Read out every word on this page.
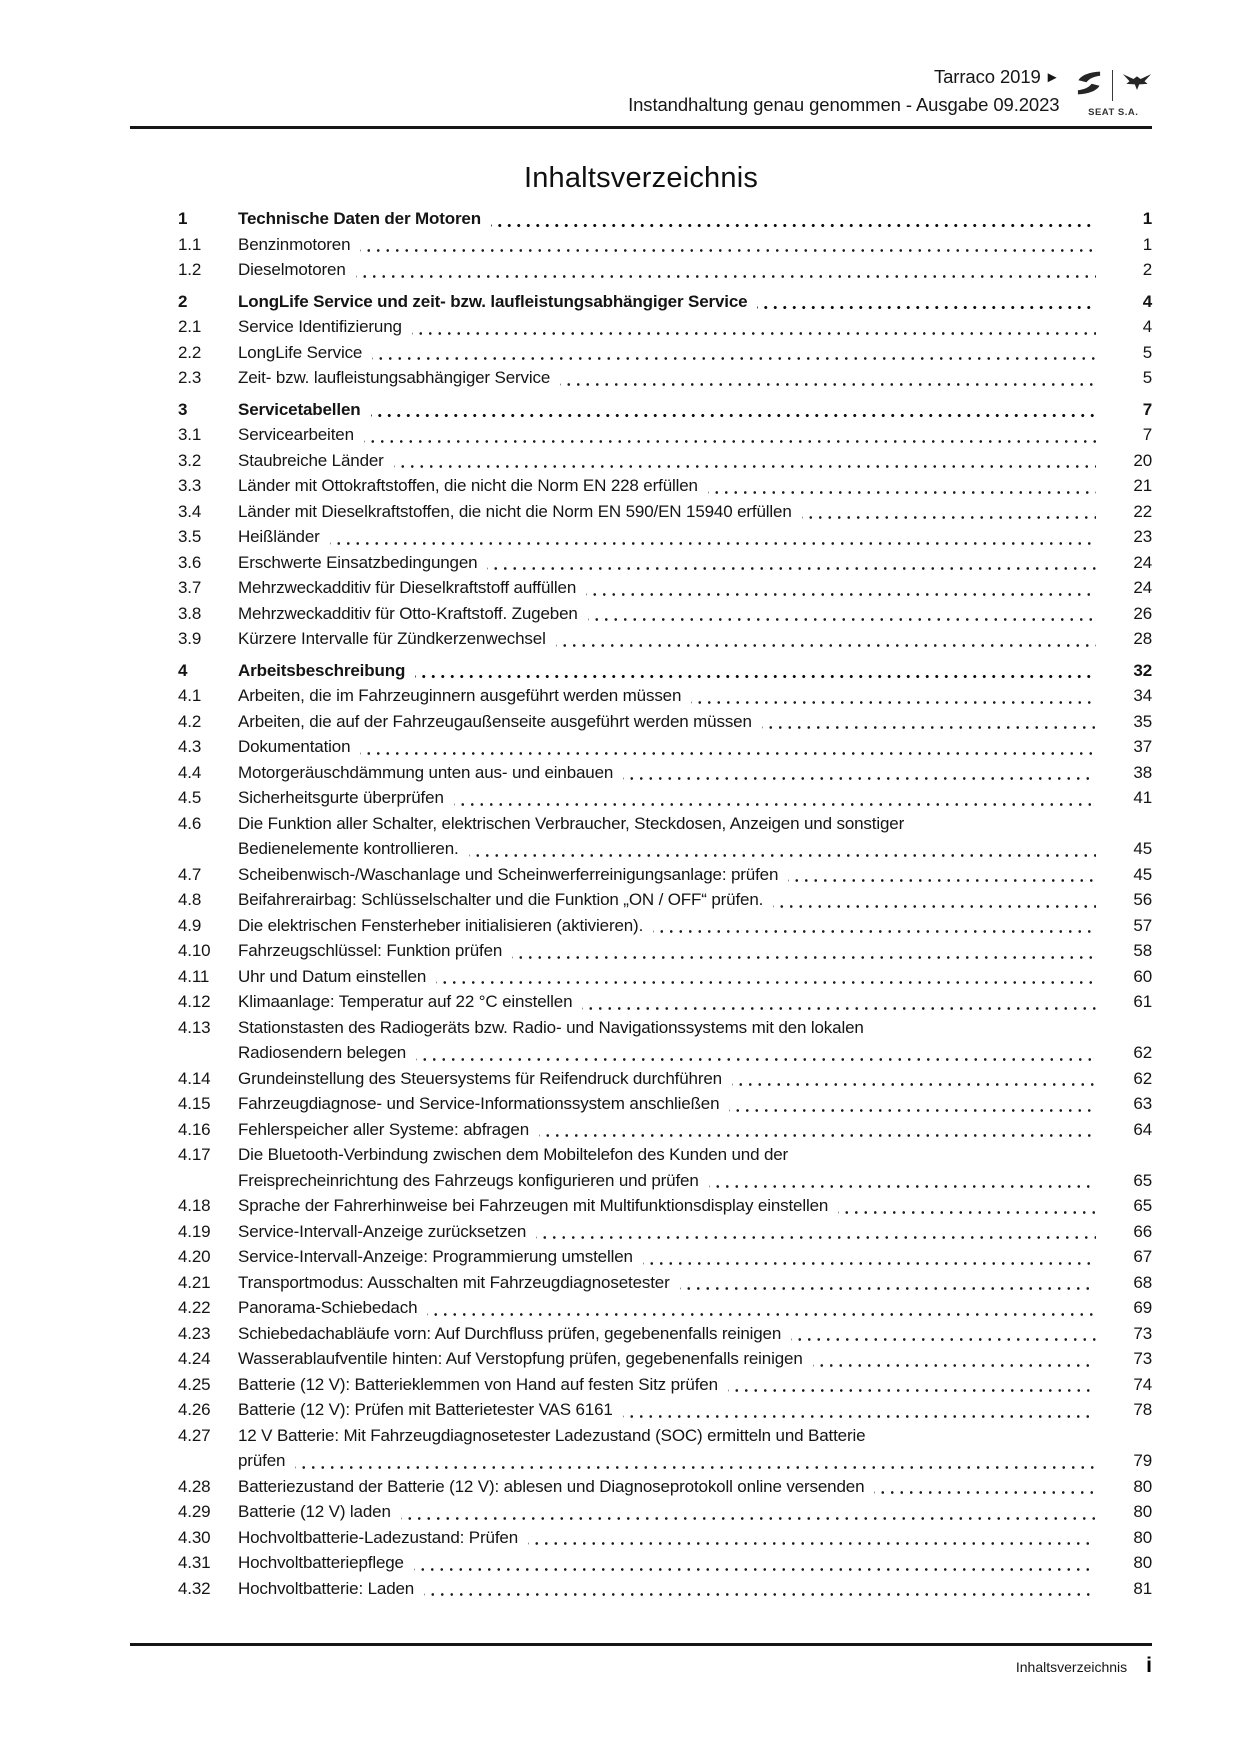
Tarraco 2019 ►
Instandhaltung genau genommen - Ausgabe 09.2023	SEAT S.A.
Inhaltsverzeichnis
1	Technische Daten der Motoren	1
1.1	Benzinmotoren	1
1.2	Dieselmotoren	2
2	LongLife Service und zeit- bzw. laufleistungsabhängiger Service	4
2.1	Service Identifizierung	4
2.2	LongLife Service	5
2.3	Zeit- bzw. laufleistungsabhängiger Service	5
3	Servicetabellen	7
3.1	Servicearbeiten	7
3.2	Staubreiche Länder	20
3.3	Länder mit Ottokraftstoffen, die nicht die Norm EN 228 erfüllen	21
3.4	Länder mit Dieselkraftstoffen, die nicht die Norm EN 590/EN 15940 erfüllen	22
3.5	Heißländer	23
3.6	Erschwerte Einsatzbedingungen	24
3.7	Mehrzweckadditiv für Dieselkraftstoff auffüllen	24
3.8	Mehrzweckadditiv für Otto-Kraftstoff. Zugeben	26
3.9	Kürzere Intervalle für Zündkerzenwechsel	28
4	Arbeitsbeschreibung	32
4.1	Arbeiten, die im Fahrzeuginnern ausgeführt werden müssen	34
4.2	Arbeiten, die auf der Fahrzeugaußenseite ausgeführt werden müssen	35
4.3	Dokumentation	37
4.4	Motorgeräuschdämmung unten aus- und einbauen	38
4.5	Sicherheitsgurte überprüfen	41
4.6	Die Funktion aller Schalter, elektrischen Verbraucher, Steckdosen, Anzeigen und sonstiger
Bedienelemente kontrollieren.	45
4.7	Scheibenwisch-/Waschanlage und Scheinwerferreinigungsanlage: prüfen	45
4.8	Beifahrerairbag: Schlüsselschalter und die Funktion „ON / OFF“ prüfen.	56
4.9	Die elektrischen Fensterheber initialisieren (aktivieren).	57
4.10	Fahrzeugschlüssel: Funktion prüfen	58
4.11	Uhr und Datum einstellen	60
4.12	Klimaanlage: Temperatur auf 22 °C einstellen	61
4.13	Stationstasten des Radiogeräts bzw. Radio- und Navigationssystems mit den lokalen
Radiosendern belegen	62
4.14	Grundeinstellung des Steuersystems für Reifendruck durchführen	62
4.15	Fahrzeugdiagnose- und Service-Informationssystem anschließen	63
4.16	Fehlerspeicher aller Systeme: abfragen	64
4.17	Die Bluetooth-Verbindung zwischen dem Mobiltelefon des Kunden und der
Freisprecheinrichtung des Fahrzeugs konfigurieren und prüfen	65
4.18	Sprache der Fahrerhinweise bei Fahrzeugen mit Multifunktionsdisplay einstellen	65
4.19	Service-Intervall-Anzeige zurücksetzen	66
4.20	Service-Intervall-Anzeige: Programmierung umstellen	67
4.21	Transportmodus: Ausschalten mit Fahrzeugdiagnosetester	68
4.22	Panorama-Schiebedach	69
4.23	Schiebedachabläufe vorn: Auf Durchfluss prüfen, gegebenenfalls reinigen	73
4.24	Wasserablaufventile hinten: Auf Verstopfung prüfen, gegebenenfalls reinigen	73
4.25	Batterie (12 V): Batterieklemmen von Hand auf festen Sitz prüfen	74
4.26	Batterie (12 V): Prüfen mit Batterietester VAS 6161	78
4.27	12 V Batterie: Mit Fahrzeugdiagnosetester Ladezustand (SOC) ermitteln und Batterie
prüfen	79
4.28	Batteriezustand der Batterie (12 V): ablesen und Diagnoseprotokoll online versenden	80
4.29	Batterie (12 V) laden	80
4.30	Hochvoltbatterie-Ladezustand: Prüfen	80
4.31	Hochvoltbatteriepflege	80
4.32	Hochvoltbatterie: Laden	81
Inhaltsverzeichnis i
